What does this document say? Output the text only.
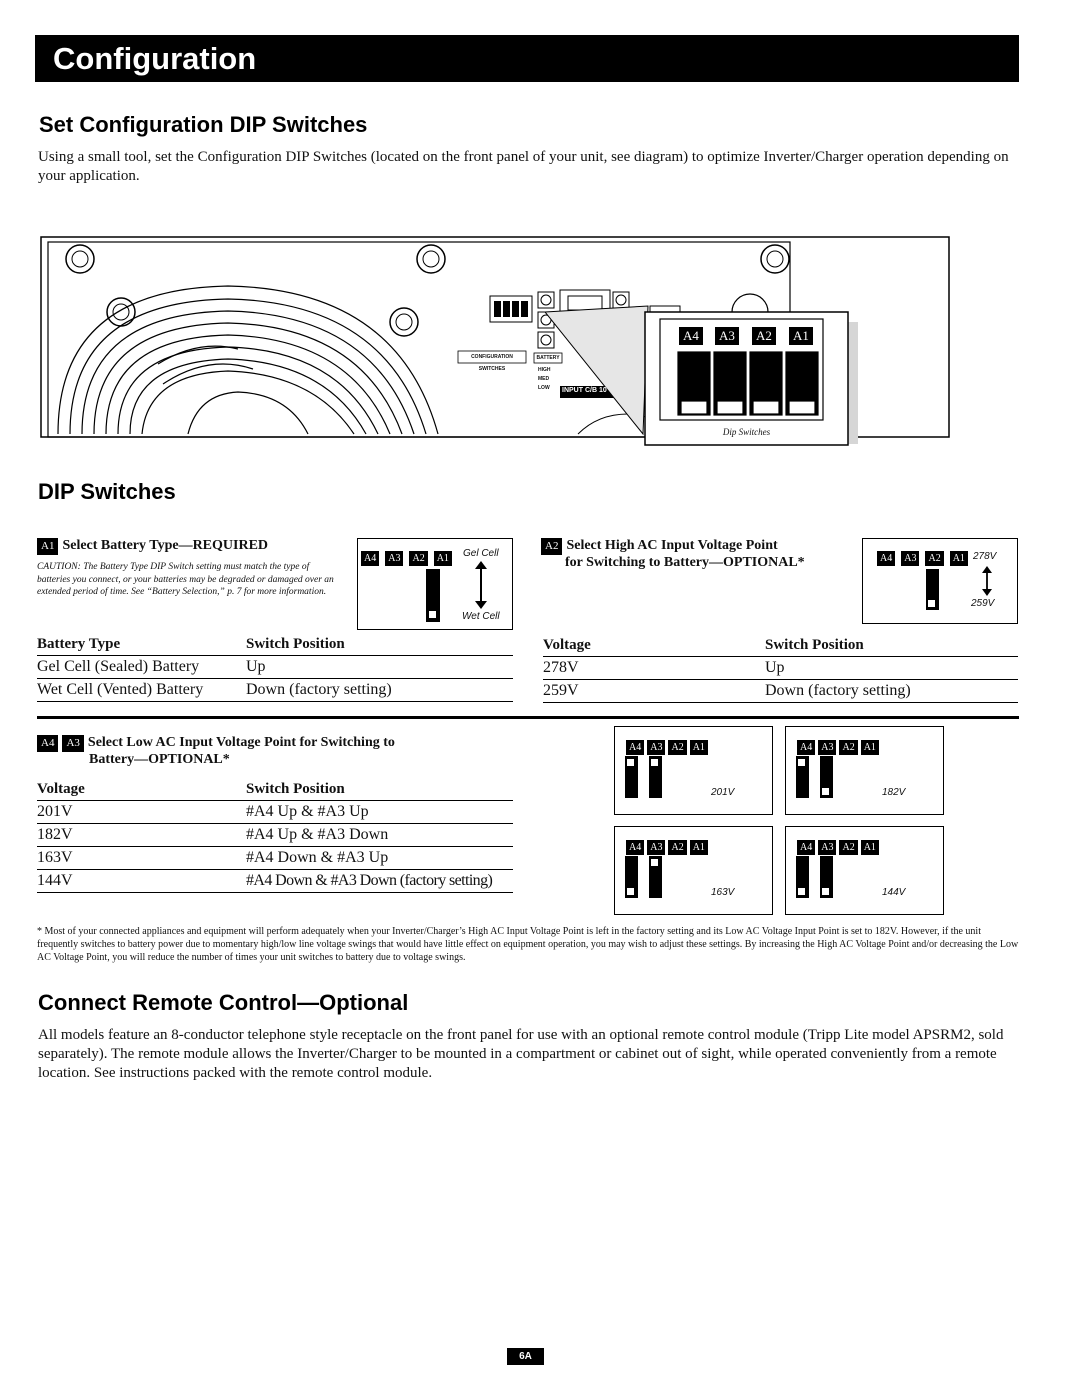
Configuration
Set Configuration DIP Switches
Using a small tool, set the Configuration DIP Switches (located on the front panel of your unit, see diagram) to optimize Inverter/Charger operation depending on your application.
CONFIGURATION SWITCHES
BATTERY
HIGH
MED
LOW INPUT C/B 10
A4	A3	A2	A1
Dip Switches
DIP Switches
A1 Select Battery Type—REQUIRED
CAUTION: The Battery Type DIP Switch setting must match the type of batteries you connect, or your batteries may be degraded or damaged over an extended period of time. See “Battery Selection,” p. 7 for more information.
A4 A3 A2 A1	Gel Cell
Wet Cell
Battery Type	Switch Position
Gel Cell (Sealed) Battery	Up
Wet Cell (Vented) Battery	Down (factory setting)
A2 Select High AC Input Voltage Point
for Switching to Battery—OPTIONAL*	A4 A3 A2 A1 278V
259V
Voltage	Switch Position
278V	Up
259V	Down (factory setting)
A4 A3 Select Low AC Input Voltage Point for Switching to
Battery—OPTIONAL*
Voltage	Switch Position
201V	#A4 Up & #A3 Up
182V	#A4 Up & #A3 Down
163V	#A4 Down & #A3 Up
144V	#A4 Down & #A3 Down (factory setting)
A4 A3 A2 A1
201V
A4 A3 A2 A1
182V
A4 A3 A2 A1
163V
A4 A3 A2 A1
144V
* Most of your connected appliances and equipment will perform adequately when your Inverter/Charger’s High AC Input Voltage Point is left in the factory setting and its Low AC Voltage Input Point is set to 182V. However, if the unit frequently switches to battery power due to momentary high/low line voltage swings that would have little effect on equipment operation, you may wish to adjust these settings. By increasing the High AC Voltage Point and/or decreasing the Low AC Voltage Point, you will reduce the number of times your unit switches to battery due to voltage swings.
Connect Remote Control—Optional
All models feature an 8-conductor telephone style receptacle on the front panel for use with an optional remote control module (Tripp Lite model APSRM2, sold separately). The remote module allows the Inverter/Charger to be mounted in a compartment or cabinet out of sight, while operated conveniently from a remote location. See instructions packed with the remote control module.
6A
